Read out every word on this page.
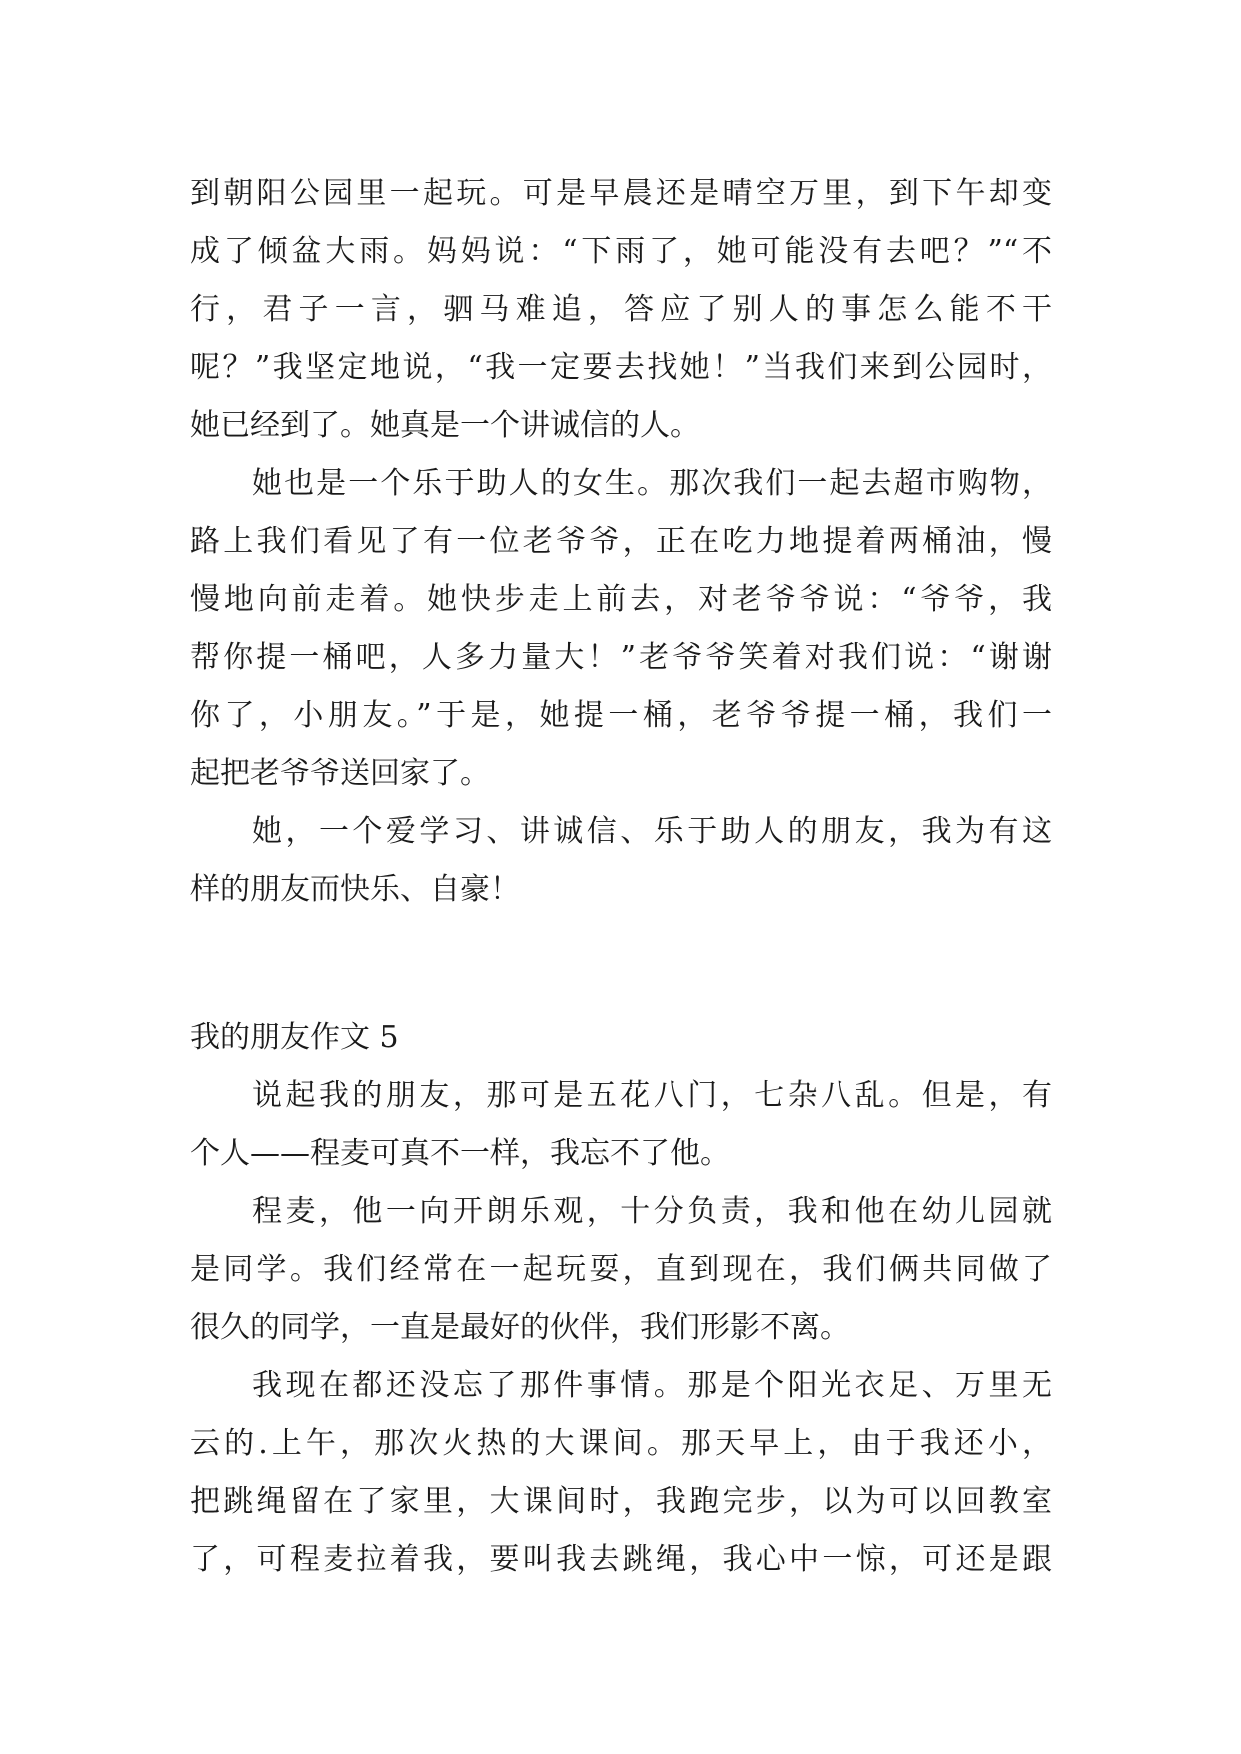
到朝阳公园里一起玩。可是早晨还是晴空万里，到下午却变
成了倾盆大雨。妈妈说：“下雨了，她可能没有去吧？”“不
行，君子一言，驷马难追，答应了别人的事怎么能不干
呢？”我坚定地说，“我一定要去找她！”当我们来到公园时，
她已经到了。她真是一个讲诚信的人。
她也是一个乐于助人的女生。那次我们一起去超市购物，
路上我们看见了有一位老爷爷，正在吃力地提着两桶油，慢
慢地向前走着。她快步走上前去，对老爷爷说：“爷爷，我
帮你提一桶吧，人多力量大！”老爷爷笑着对我们说：“谢谢
你了，小朋友。”于是，她提一桶，老爷爷提一桶，我们一
起把老爷爷送回家了。
她，一个爱学习、讲诚信、乐于助人的朋友，我为有这
样的朋友而快乐、自豪！
我的朋友作文 5
说起我的朋友，那可是五花八门，七杂八乱。但是，有
个人——程麦可真不一样，我忘不了他。
程麦，他一向开朗乐观，十分负责，我和他在幼儿园就
是同学。我们经常在一起玩耍，直到现在，我们俩共同做了
很久的同学，一直是最好的伙伴，我们形影不离。
我现在都还没忘了那件事情。那是个阳光衣足、万里无
云的.上午，那次火热的大课间。那天早上，由于我还小，
把跳绳留在了家里，大课间时，我跑完步，以为可以回教室
了，可程麦拉着我，要叫我去跳绳，我心中一惊，可还是跟
